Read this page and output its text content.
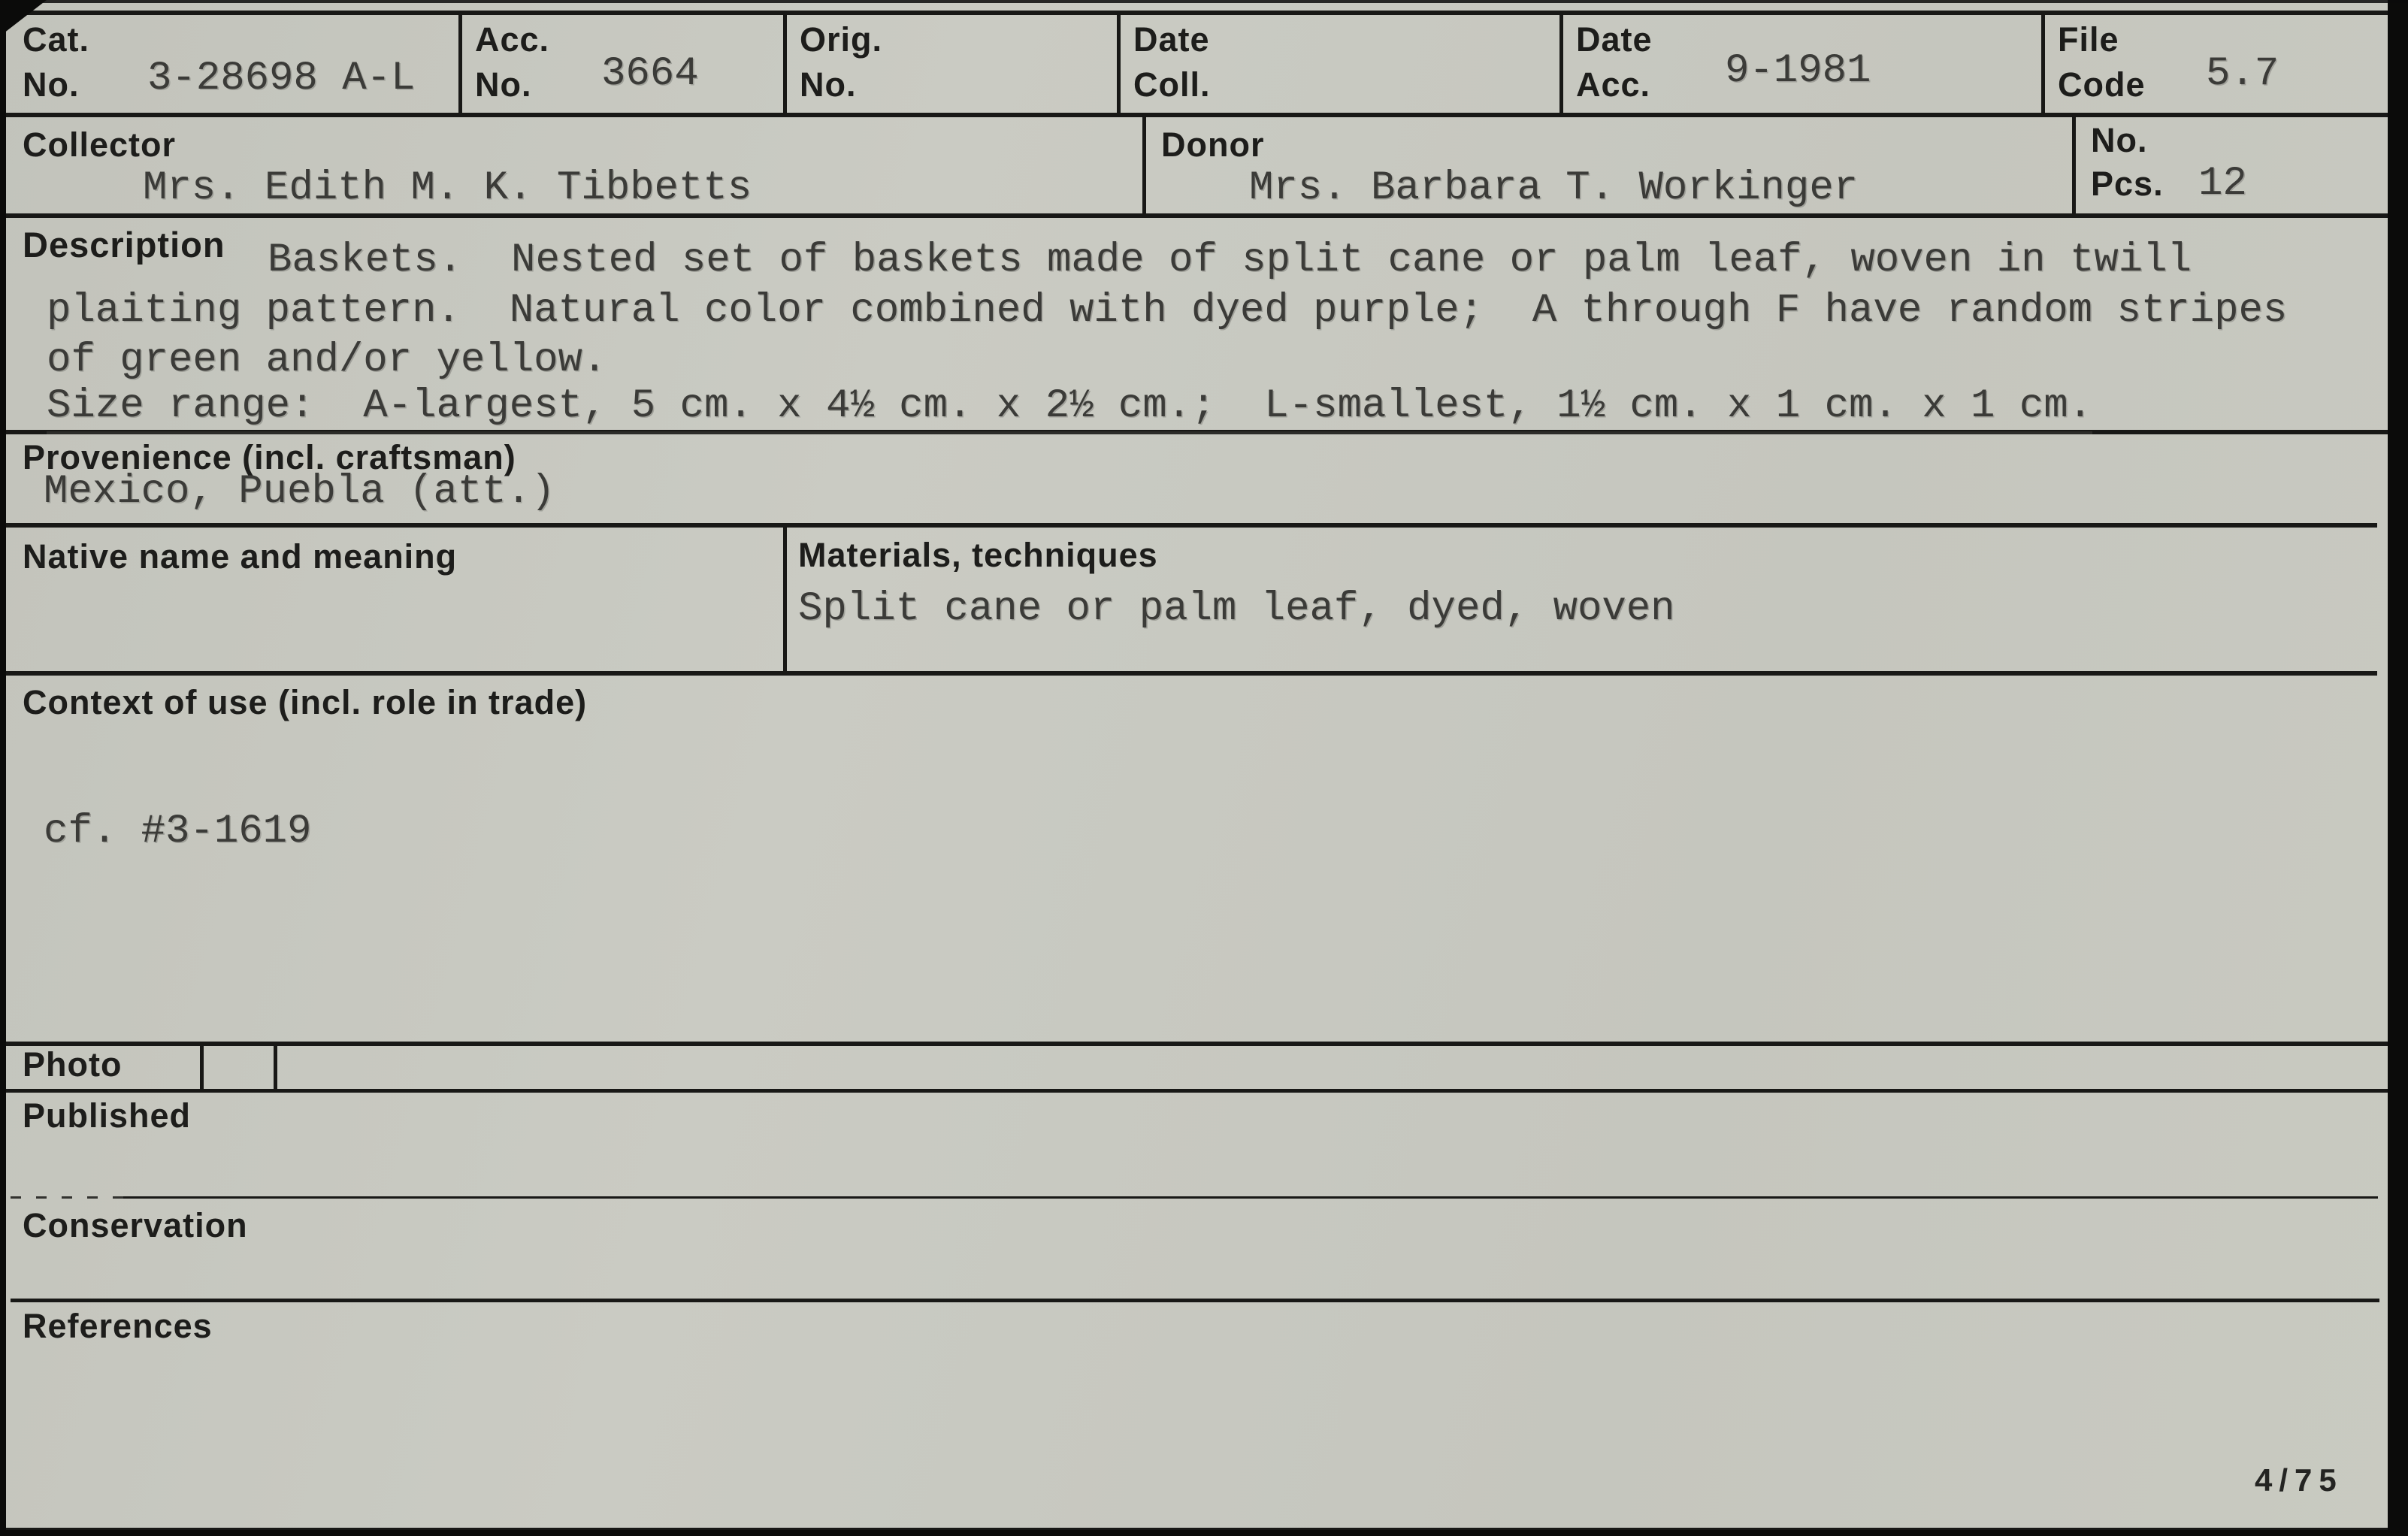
Cat.
No. 3-28698 A-L
Acc.
No. 3664
Orig.
No.
Date
Coll.
Date
Acc. 9-1981
File
Code 5.7
Collector
Mrs. Edith M. K. Tibbetts
Donor
Mrs. Barbara T. Workinger
No.
Pcs. 12
Description Baskets.  Nested set of baskets made of split cane or palm leaf, woven in twill
plaiting pattern.  Natural color combined with dyed purple;  A through F have random stripes
of green and/or yellow.
Size range:  A-largest, 5 cm. x 4½ cm. x 2½ cm.;  L-smallest, 1½ cm. x 1 cm. x 1 cm.
Provenience (incl. craftsman)
Mexico, Puebla (att.)
Native name and meaning	Materials, techniques
Split cane or palm leaf, dyed, woven
Context of use (incl. role in trade)
cf. #3-1619
Photo
Published
Conservation
References
4/75
